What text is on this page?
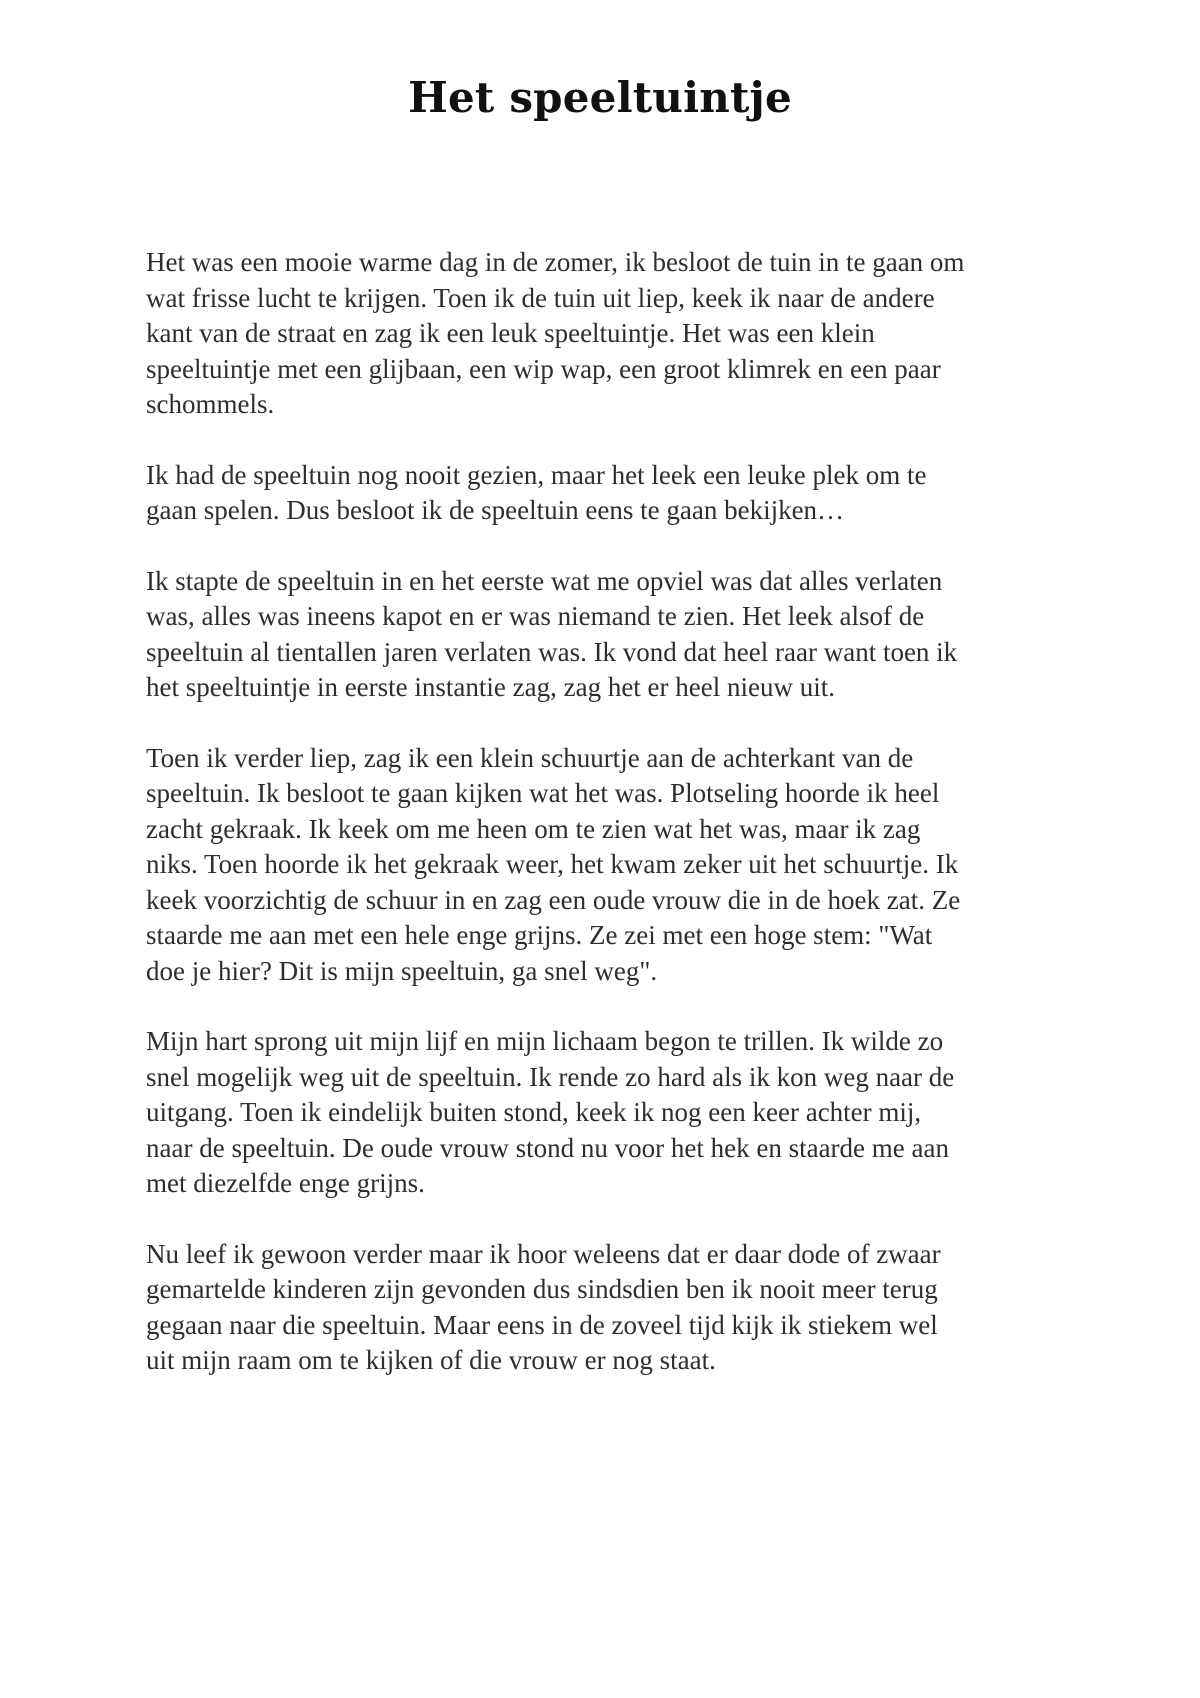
Het speeltuintje

Het was een mooie warme dag in de zomer, ik besloot de tuin in te gaan om
wat frisse lucht te krijgen. Toen ik de tuin uit liep, keek ik naar de andere
kant van de straat en zag ik een leuk speeltuintje. Het was een klein
speeltuintje met een glijbaan, een wip wap, een groot klimrek en een paar
schommels.

Ik had de speeltuin nog nooit gezien, maar het leek een leuke plek om te
gaan spelen. Dus besloot ik de speeltuin eens te gaan bekijken…

Ik stapte de speeltuin in en het eerste wat me opviel was dat alles verlaten
was, alles was ineens kapot en er was niemand te zien. Het leek alsof de
speeltuin al tientallen jaren verlaten was. Ik vond dat heel raar want toen ik
het speeltuintje in eerste instantie zag, zag het er heel nieuw uit.

Toen ik verder liep, zag ik een klein schuurtje aan de achterkant van de
speeltuin. Ik besloot te gaan kijken wat het was. Plotseling hoorde ik heel
zacht gekraak. Ik keek om me heen om te zien wat het was, maar ik zag
niks. Toen hoorde ik het gekraak weer, het kwam zeker uit het schuurtje. Ik
keek voorzichtig de schuur in en zag een oude vrouw die in de hoek zat. Ze
staarde me aan met een hele enge grijns. Ze zei met een hoge stem: "Wat
doe je hier? Dit is mijn speeltuin, ga snel weg".

Mijn hart sprong uit mijn lijf en mijn lichaam begon te trillen. Ik wilde zo
snel mogelijk weg uit de speeltuin. Ik rende zo hard als ik kon weg naar de
uitgang. Toen ik eindelijk buiten stond, keek ik nog een keer achter mij,
naar de speeltuin. De oude vrouw stond nu voor het hek en staarde me aan
met diezelfde enge grijns.

Nu leef ik gewoon verder maar ik hoor weleens dat er daar dode of zwaar
gemartelde kinderen zijn gevonden dus sindsdien ben ik nooit meer terug
gegaan naar die speeltuin. Maar eens in de zoveel tijd kijk ik stiekem wel
uit mijn raam om te kijken of die vrouw er nog staat.
